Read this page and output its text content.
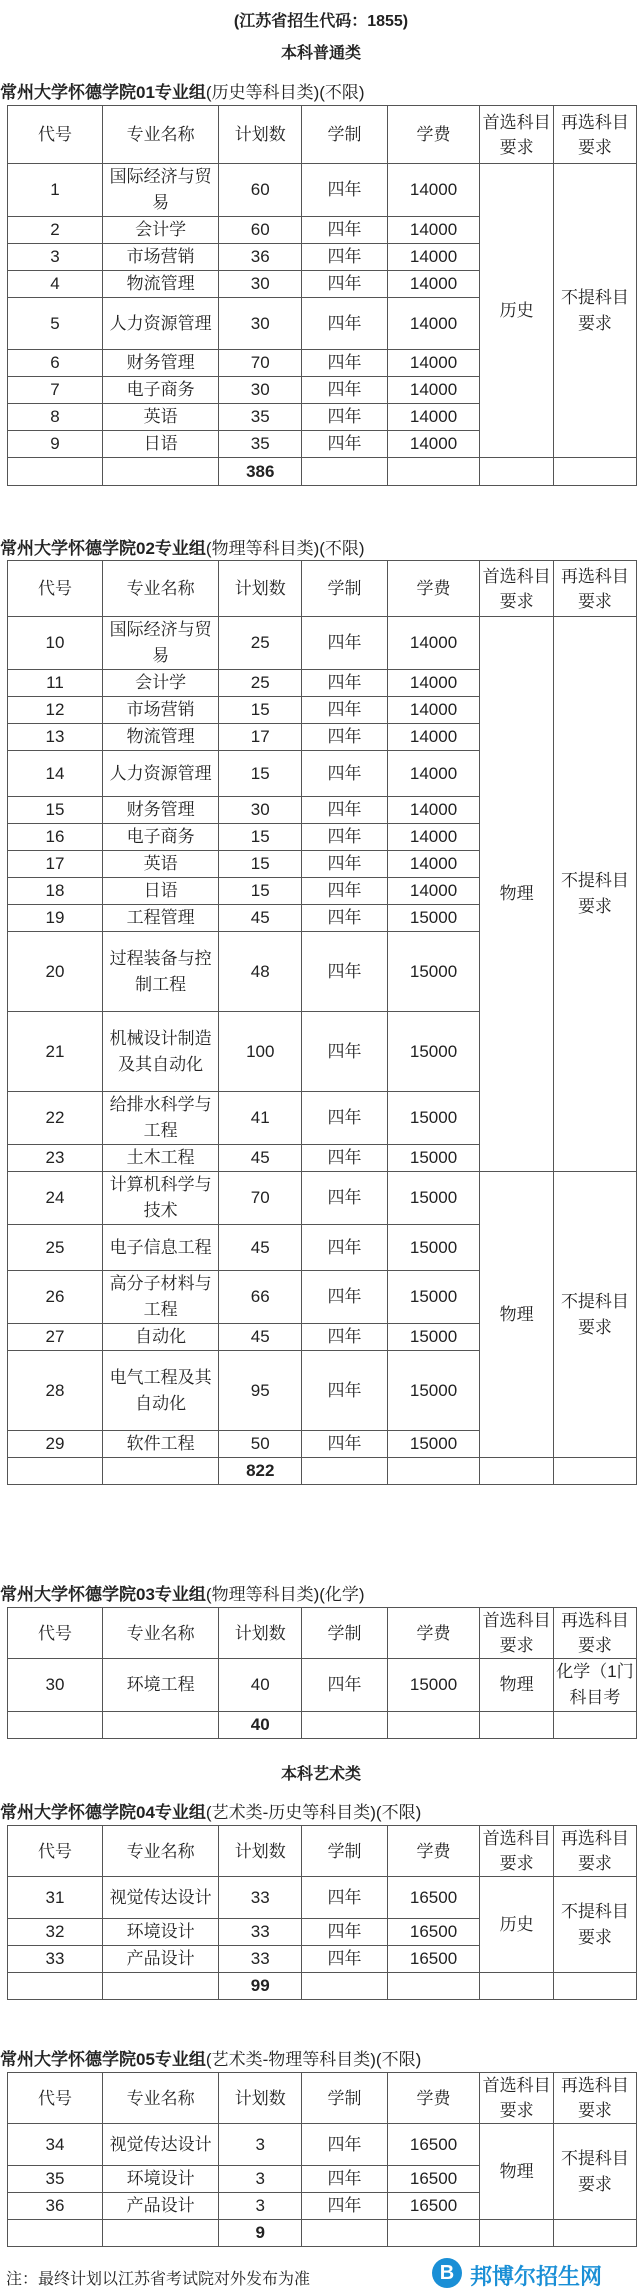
(江苏省招生代码：1855)
本科普通类
常州大学怀德学院01专业组(历史等科目类)(不限)
代号	专业名称	计划数	学制	学费	首选科目要求	再选科目要求
1	国际经济与贸易	60	四年	14000	历史	不提科目要求
2	会计学	60	四年	14000		
3	市场营销	36	四年	14000		
4	物流管理	30	四年	14000		
5	人力资源管理	30	四年	14000		
6	财务管理	70	四年	14000		
7	电子商务	30	四年	14000		
8	英语	35	四年	14000		
9	日语	35	四年	14000		
		386				
常州大学怀德学院02专业组(物理等科目类)(不限)
代号	专业名称	计划数	学制	学费	首选科目要求	再选科目要求
10	国际经济与贸易	25	四年	14000	物理	不提科目要求
11	会计学	25	四年	14000		
12	市场营销	15	四年	14000		
13	物流管理	17	四年	14000		
14	人力资源管理	15	四年	14000		
15	财务管理	30	四年	14000		
16	电子商务	15	四年	14000		
17	英语	15	四年	14000		
18	日语	15	四年	14000		
19	工程管理	45	四年	15000		
20	过程装备与控制工程	48	四年	15000		
21	机械设计制造及其自动化	100	四年	15000		
22	给排水科学与工程	41	四年	15000		
23	土木工程	45	四年	15000		
24	计算机科学与技术	70	四年	15000	物理	不提科目要求
25	电子信息工程	45	四年	15000		
26	高分子材料与工程	66	四年	15000		
27	自动化	45	四年	15000		
28	电气工程及其自动化	95	四年	15000		
29	软件工程	50	四年	15000		
		822				
常州大学怀德学院03专业组(物理等科目类)(化学)
代号	专业名称	计划数	学制	学费	首选科目要求	再选科目要求
30	环境工程	40	四年	15000	物理	化学（1门科目考
		40				
本科艺术类
常州大学怀德学院04专业组(艺术类-历史等科目类)(不限)
代号	专业名称	计划数	学制	学费	首选科目要求	再选科目要求
31	视觉传达设计	33	四年	16500	历史	不提科目要求
32	环境设计	33	四年	16500		
33	产品设计	33	四年	16500		
		99				
常州大学怀德学院05专业组(艺术类-物理等科目类)(不限)
代号	专业名称	计划数	学制	学费	首选科目要求	再选科目要求
34	视觉传达设计	3	四年	16500	物理	不提科目要求
35	环境设计	3	四年	16500		
36	产品设计	3	四年	16500		
		9				
注：最终计划以江苏省考试院对外发布为准	B 邦博尔招生网
